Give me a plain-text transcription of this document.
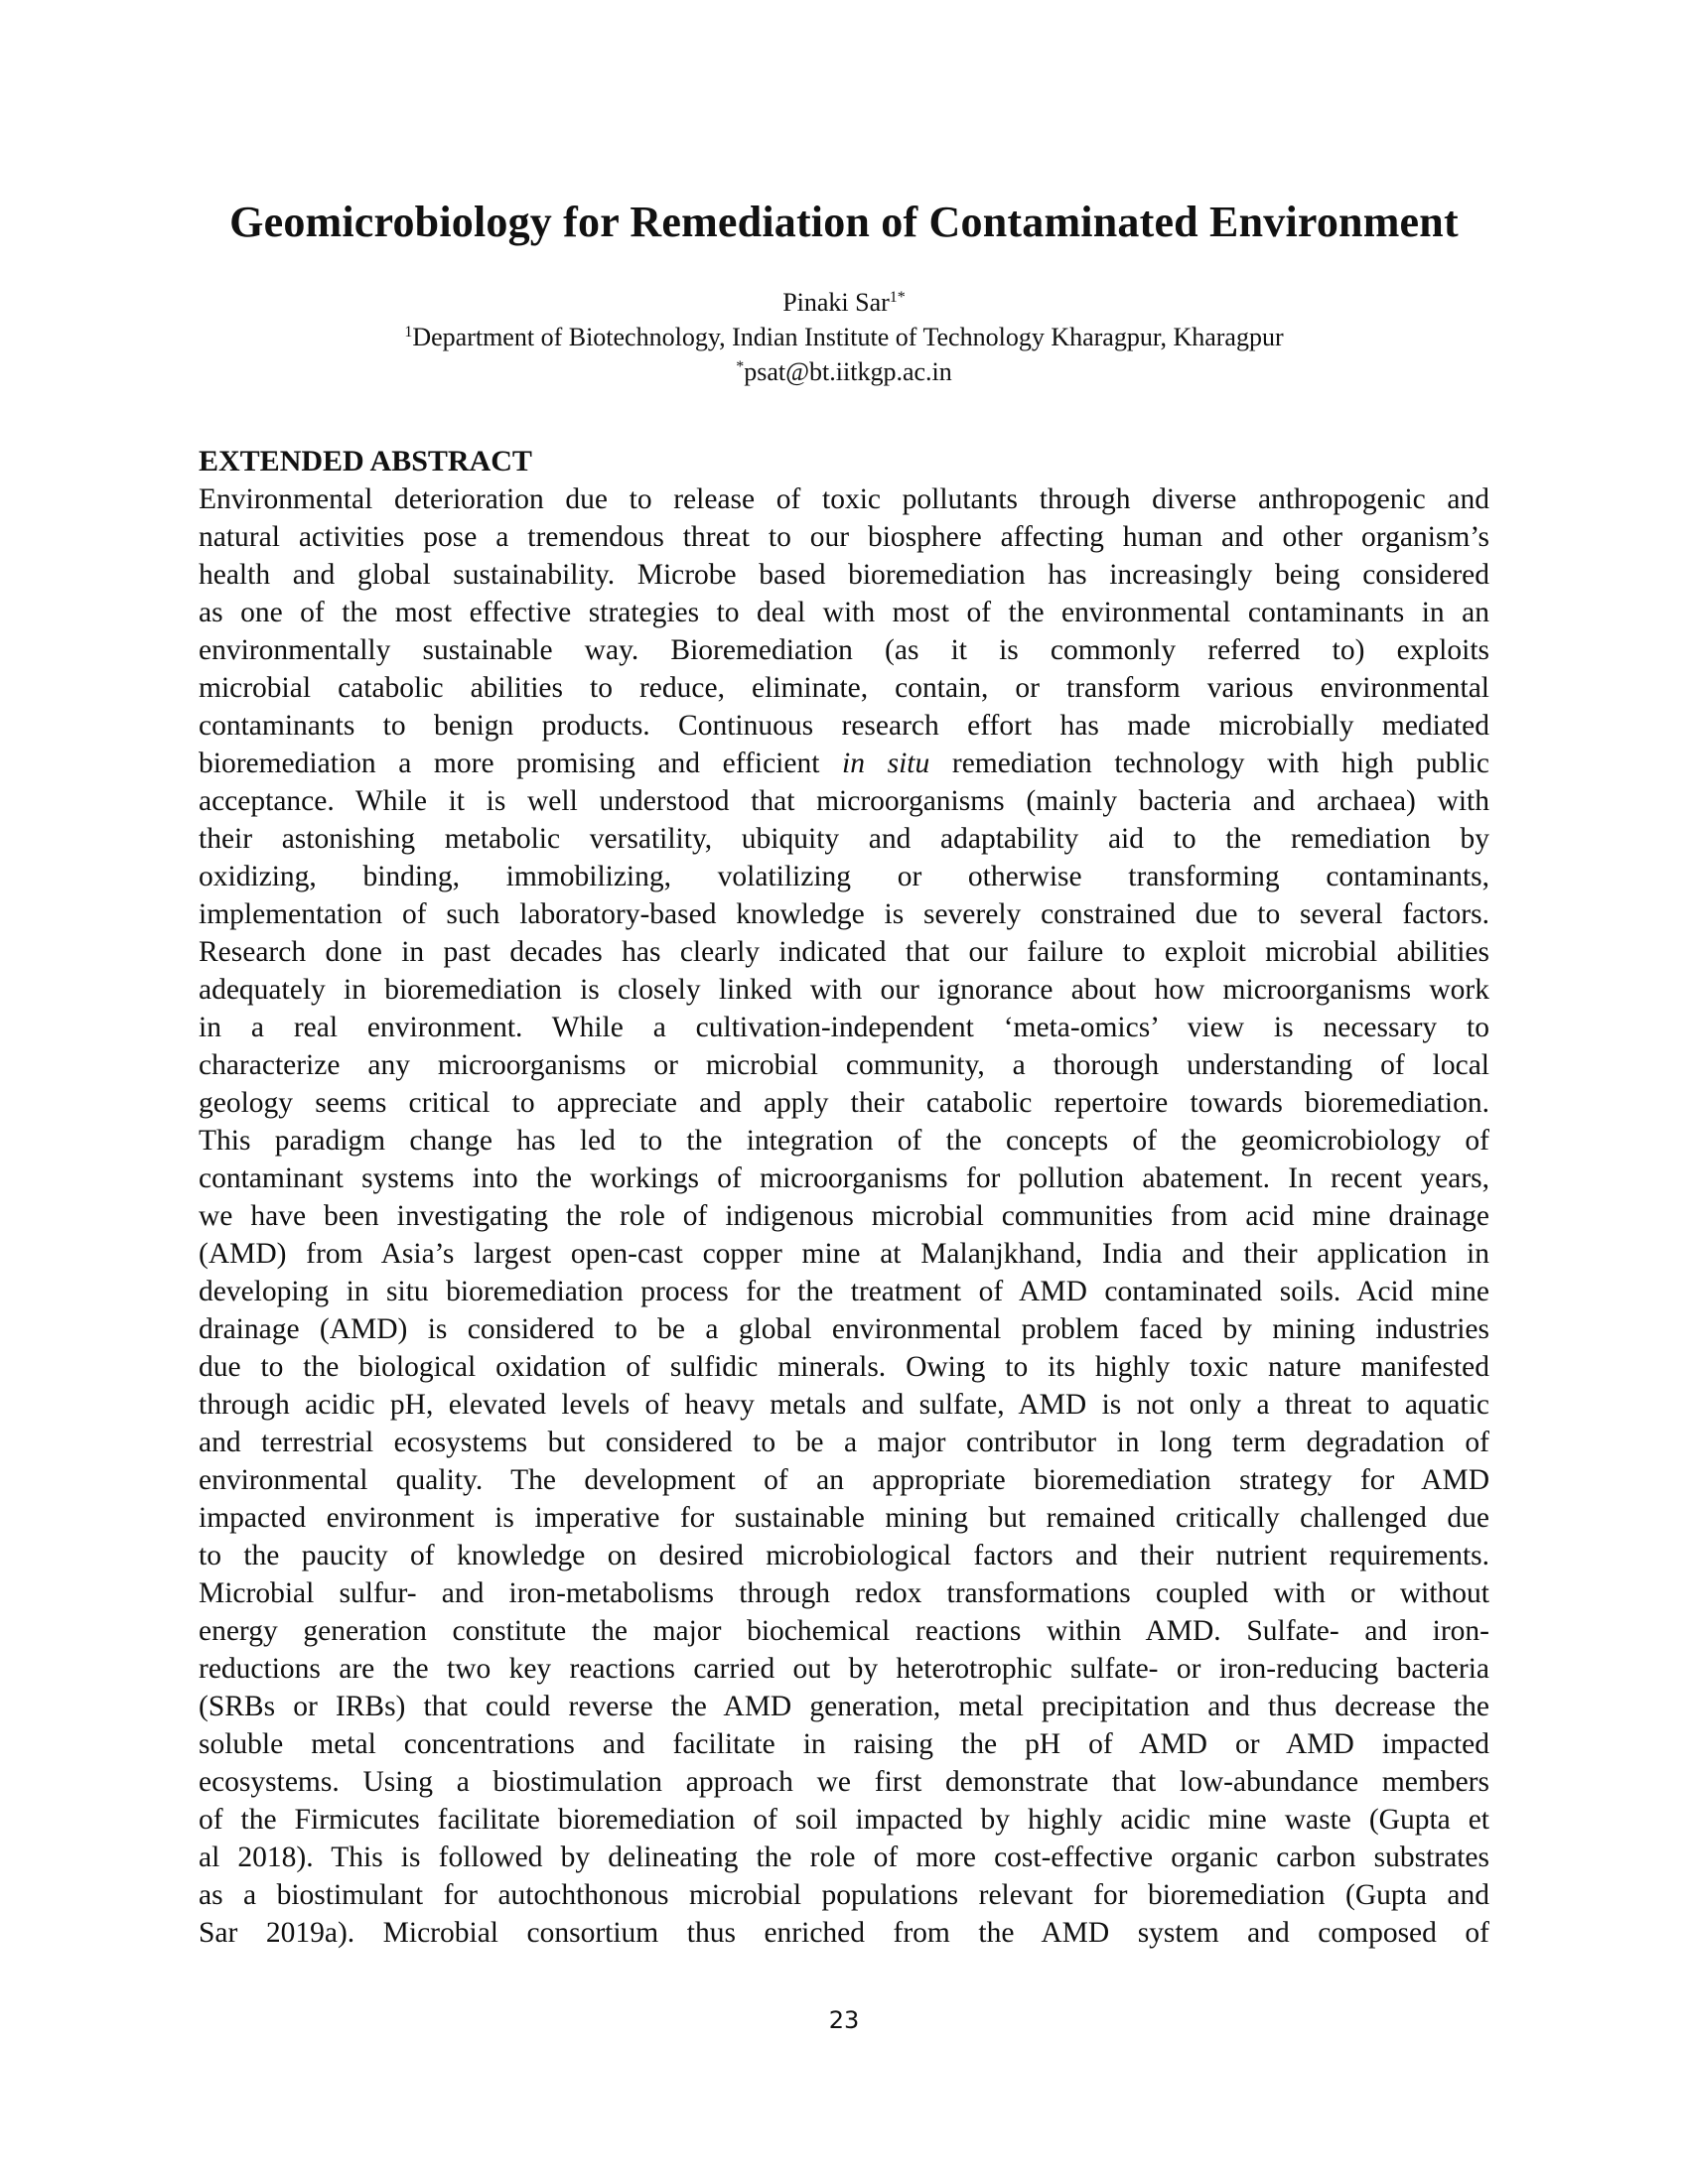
Geomicrobiology for Remediation of Contaminated Environment
Pinaki Sar$^{1*}$
$^1$Department of Biotechnology, Indian Institute of Technology Kharagpur, Kharagpur
*psat@bt.iitkgp.ac.in
EXTENDED ABSTRACT
Environmental deterioration due to release of toxic pollutants through diverse anthropogenic and
natural activities pose a tremendous threat to our biosphere affecting human and other organism’s
health and global sustainability. Microbe based bioremediation has increasingly being considered
as one of the most effective strategies to deal with most of the environmental contaminants in an
environmentally sustainable way. Bioremediation (as it is commonly referred to) exploits
microbial catabolic abilities to reduce, eliminate, contain, or transform various environmental
contaminants to benign products. Continuous research effort has made microbially mediated
bioremediation a more promising and efficient in situ remediation technology with high public
acceptance. While it is well understood that microorganisms (mainly bacteria and archaea) with
their astonishing metabolic versatility, ubiquity and adaptability aid to the remediation by
oxidizing, binding, immobilizing, volatilizing or otherwise transforming contaminants,
implementation of such laboratory-based knowledge is severely constrained due to several factors.
Research done in past decades has clearly indicated that our failure to exploit microbial abilities
adequately in bioremediation is closely linked with our ignorance about how microorganisms work
in a real environment. While a cultivation-independent ‘meta-omics’ view is necessary to
characterize any microorganisms or microbial community, a thorough understanding of local
geology seems critical to appreciate and apply their catabolic repertoire towards bioremediation.
This paradigm change has led to the integration of the concepts of the geomicrobiology of
contaminant systems into the workings of microorganisms for pollution abatement. In recent years,
we have been investigating the role of indigenous microbial communities from acid mine drainage
(AMD) from Asia’s largest open-cast copper mine at Malanjkhand, India and their application in
developing in situ bioremediation process for the treatment of AMD contaminated soils. Acid mine
drainage (AMD) is considered to be a global environmental problem faced by mining industries
due to the biological oxidation of sulfidic minerals. Owing to its highly toxic nature manifested
through acidic pH, elevated levels of heavy metals and sulfate, AMD is not only a threat to aquatic
and terrestrial ecosystems but considered to be a major contributor in long term degradation of
environmental quality. The development of an appropriate bioremediation strategy for AMD
impacted environment is imperative for sustainable mining but remained critically challenged due
to the paucity of knowledge on desired microbiological factors and their nutrient requirements.
Microbial sulfur- and iron-metabolisms through redox transformations coupled with or without
energy generation constitute the major biochemical reactions within AMD. Sulfate- and iron-
reductions are the two key reactions carried out by heterotrophic sulfate- or iron-reducing bacteria
(SRBs or IRBs) that could reverse the AMD generation, metal precipitation and thus decrease the
soluble metal concentrations and facilitate in raising the pH of AMD or AMD impacted
ecosystems. Using a biostimulation approach we first demonstrate that low-abundance members
of the Firmicutes facilitate bioremediation of soil impacted by highly acidic mine waste (Gupta et
al 2018). This is followed by delineating the role of more cost-effective organic carbon substrates
as a biostimulant for autochthonous microbial populations relevant for bioremediation (Gupta and
Sar 2019a). Microbial consortium thus enriched from the AMD system and composed of
23
